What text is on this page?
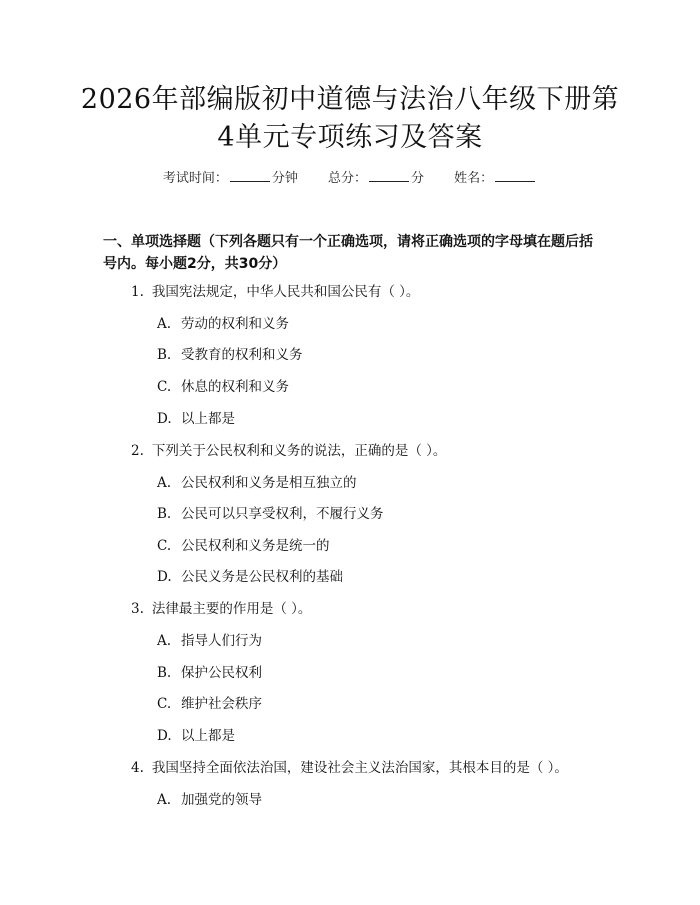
2026年部编版初中道德与法治八年级下册第
4单元专项练习及答案
考试时间：	分钟 总分：	分 姓名：

一、单项选择题（下列各题只有一个正确选项，请将正确选项的字母填在题后括号内。每小题2分，共30分）

1. 我国宪法规定，中华人民共和国公民有（ ）。
A. 劳动的权利和义务
B. 受教育的权利和义务
C. 休息的权利和义务
D. 以上都是
2. 下列关于公民权利和义务的说法，正确的是（ ）。
A. 公民权利和义务是相互独立的
B. 公民可以只享受权利，不履行义务
C. 公民权利和义务是统一的
D. 公民义务是公民权利的基础
3. 法律最主要的作用是（ ）。
A. 指导人们行为
B. 保护公民权利
C. 维护社会秩序
D. 以上都是
4. 我国坚持全面依法治国，建设社会主义法治国家，其根本目的是（ ）。
A. 加强党的领导
